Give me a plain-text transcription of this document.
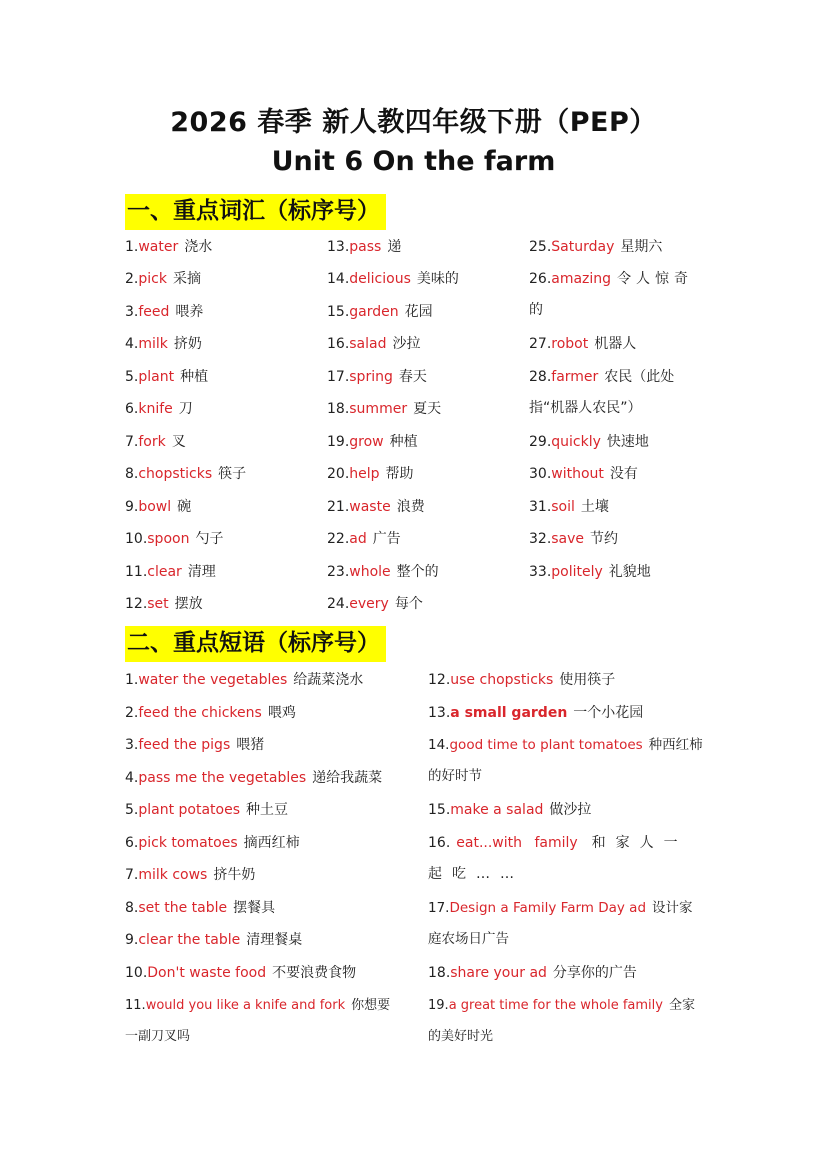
2026 春季 新人教四年级下册（PEP）
Unit 6 On the farm
一、重点词汇（标序号）
1.water 浇水
2.pick 采摘
3.feed 喂养
4.milk 挤奶
5.plant 种植
6.knife 刀
7.fork 叉
8.chopsticks 筷子
9.bowl 碗
10.spoon 勺子
11.clear 清理
12.set 摆放
13.pass 递
14.delicious 美味的
15.garden 花园
16.salad 沙拉
17.spring 春天
18.summer 夏天
19.grow 种植
20.help 帮助
21.waste 浪费
22.ad 广告
23.whole 整个的
24.every 每个
25.Saturday 星期六
26.amazing 令人惊奇的
27.robot 机器人
28.farmer 农民（此处指“机器人农民”）
29.quickly 快速地
30.without 没有
31.soil 土壤
32.save 节约
33.politely 礼貌地
二、重点短语（标序号）
1.water the vegetables 给蔬菜浇水
2.feed the chickens 喂鸡
3.feed the pigs 喂猪
4.pass me the vegetables 递给我蔬菜
5.plant potatoes 种土豆
6.pick tomatoes 摘西红柿
7.milk cows 挤牛奶
8.set the table 摆餐具
9.clear the table 清理餐桌
10.Don't waste food 不要浪费食物
11.would you like a knife and fork 你想要一副刀叉吗
12.use chopsticks 使用筷子
13.a small garden 一个小花园
14.good time to plant tomatoes 种西红柿的好时节
15.make a salad 做沙拉
16. eat...with family 和家人一起吃……
17.Design a Family Farm Day ad 设计家庭农场日广告
18.share your ad 分享你的广告
19.a great time for the whole family 全家的美好时光
